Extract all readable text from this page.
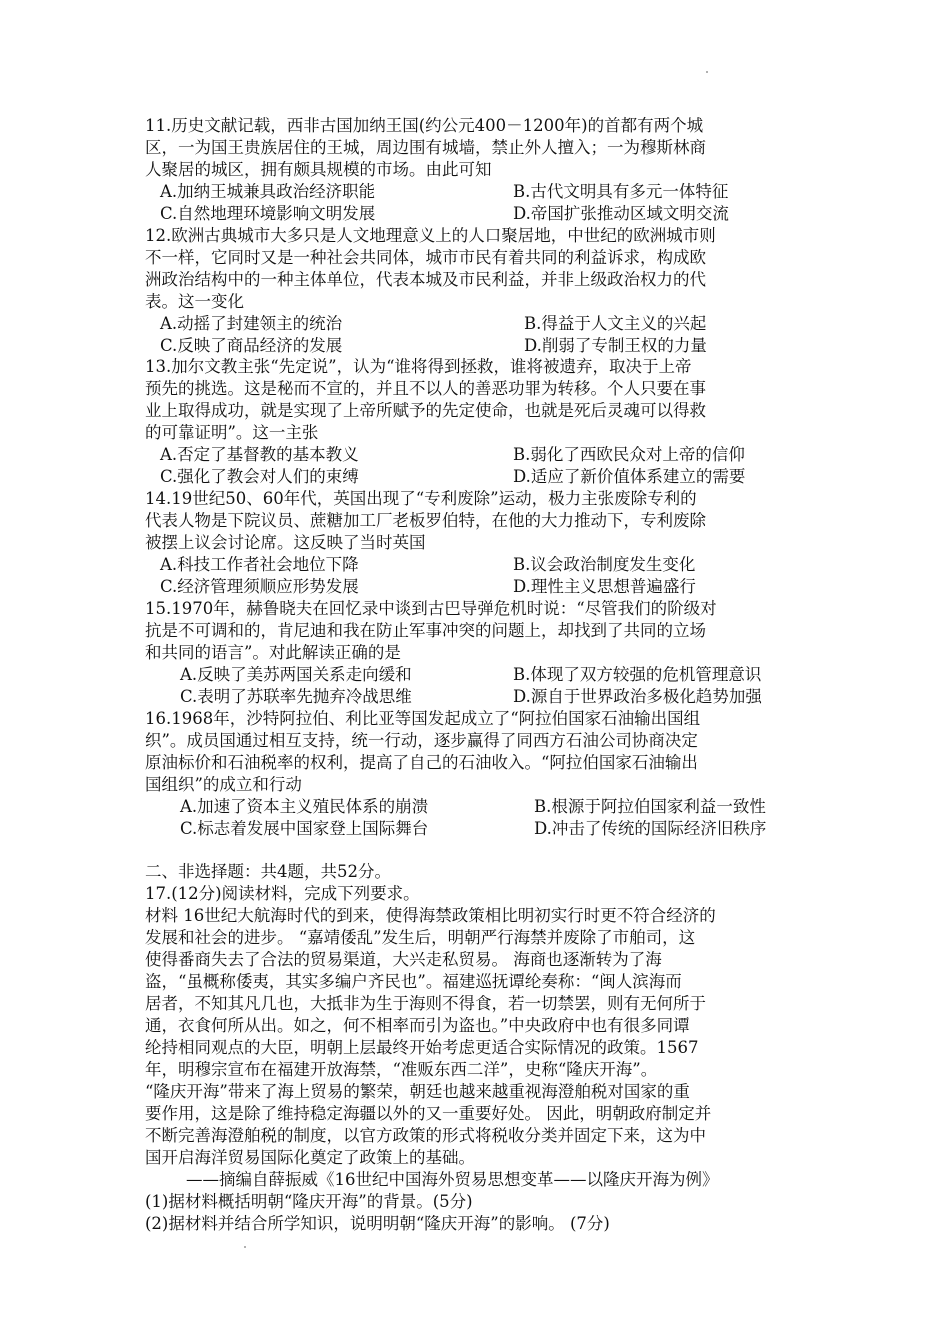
11.历史文献记载，西非古国加纳王国(约公元400－1200年)的首都有两个城
区，一为国王贵族居住的王城，周边围有城墙，禁止外人擅入；一为穆斯林商
人聚居的城区，拥有颇具规模的市场。由此可知
A.加纳王城兼具政治经济职能	B.古代文明具有多元一体特征
C.自然地理环境影响文明发展	D.帝国扩张推动区域文明交流
12.欧洲古典城市大多只是人文地理意义上的人口聚居地，中世纪的欧洲城市则
不一样，它同时又是一种社会共同体，城市市民有着共同的利益诉求，构成欧
洲政治结构中的一种主体单位，代表本城及市民利益，并非上级政治权力的代
表。这一变化
A.动摇了封建领主的统治	B.得益于人文主义的兴起
C.反映了商品经济的发展	D.削弱了专制王权的力量
13.加尔文教主张“先定说”，认为“谁将得到拯救，谁将被遗弃，取决于上帝
预先的挑选。这是秘而不宣的，并且不以人的善恶功罪为转移。个人只要在事
业上取得成功，就是实现了上帝所赋予的先定使命，也就是死后灵魂可以得救
的可靠证明”。这一主张
A.否定了基督教的基本教义	B.弱化了西欧民众对上帝的信仰
C.强化了教会对人们的束缚	D.适应了新价值体系建立的需要
14.19世纪50、60年代，英国出现了“专利废除”运动，极力主张废除专利的
代表人物是下院议员、蔗糖加工厂老板罗伯特，在他的大力推动下，专利废除
被摆上议会讨论席。这反映了当时英国
A.科技工作者社会地位下降	B.议会政治制度发生变化
C.经济管理须顺应形势发展	D.理性主义思想普遍盛行
15.1970年，赫鲁晓夫在回忆录中谈到古巴导弹危机时说：“尽管我们的阶级对
抗是不可调和的，肯尼迪和我在防止军事冲突的问题上，却找到了共同的立场
和共同的语言”。对此解读正确的是
A.反映了美苏两国关系走向缓和	B.体现了双方较强的危机管理意识
C.表明了苏联率先抛弃冷战思维	D.源自于世界政治多极化趋势加强
16.1968年，沙特阿拉伯、利比亚等国发起成立了“阿拉伯国家石油输出国组
织”。成员国通过相互支持，统一行动，逐步赢得了同西方石油公司协商决定
原油标价和石油税率的权利，提高了自己的石油收入。“阿拉伯国家石油输出
国组织”的成立和行动
A.加速了资本主义殖民体系的崩溃	B.根源于阿拉伯国家利益一致性
C.标志着发展中国家登上国际舞台	D.冲击了传统的国际经济旧秩序
二、非选择题：共4题，共52分。
17.(12分)阅读材料，完成下列要求。
材料 16世纪大航海时代的到来，使得海禁政策相比明初实行时更不符合经济的
发展和社会的进步。 “嘉靖倭乱”发生后，明朝严行海禁并废除了市舶司，这
使得番商失去了合法的贸易渠道，大兴走私贸易。 海商也逐渐转为了海
盗，“虽概称倭夷，其实多编户齐民也”。福建巡抚谭纶奏称：“闽人滨海而
居者，不知其凡几也，大抵非为生于海则不得食，若一切禁罢，则有无何所于
通，衣食何所从出。如之，何不相率而引为盗也。”中央政府中也有很多同谭
纶持相同观点的大臣，明朝上层最终开始考虑更适合实际情况的政策。1567
年，明穆宗宣布在福建开放海禁，“准贩东西二洋”，史称“隆庆开海”。
“隆庆开海”带来了海上贸易的繁荣，朝廷也越来越重视海澄舶税对国家的重
要作用，这是除了维持稳定海疆以外的又一重要好处。 因此，明朝政府制定并
不断完善海澄舶税的制度，以官方政策的形式将税收分类并固定下来，这为中
国开启海洋贸易国际化奠定了政策上的基础。
——摘编自薛振威《16世纪中国海外贸易思想变革——以隆庆开海为例》
(1)据材料概括明朝“隆庆开海”的背景。(5分)
(2)据材料并结合所学知识，说明明朝“隆庆开海”的影响。 (7分)
